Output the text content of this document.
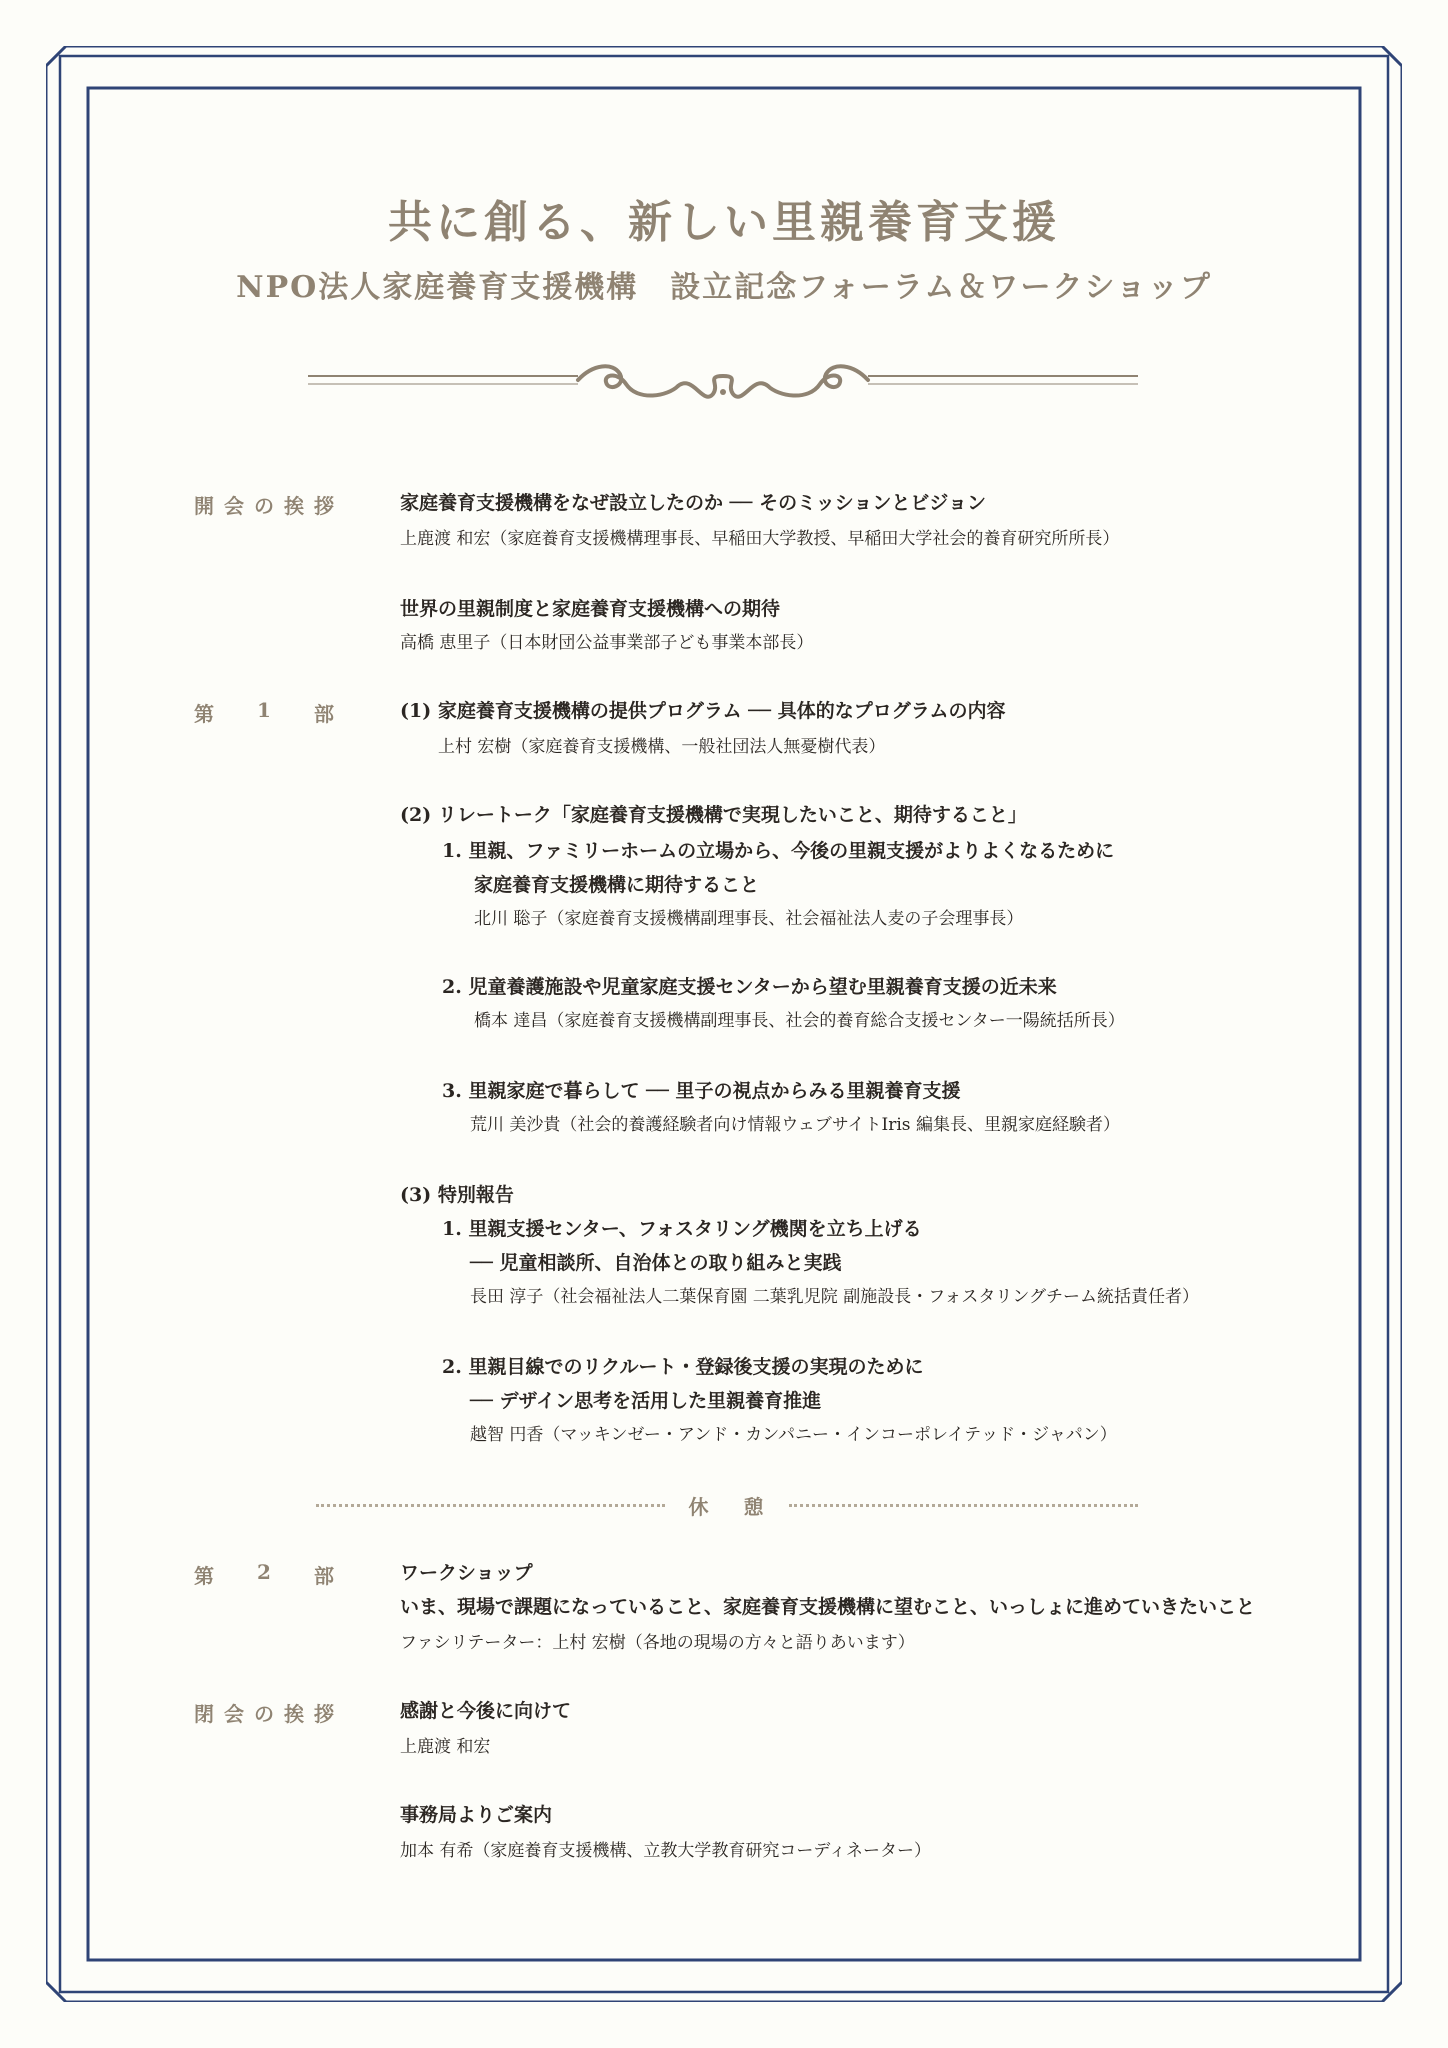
共に創る、新しい里親養育支援
NPO法人家庭養育支援機構　設立記念フォーラム＆ワークショップ
開 会 の 挨 拶	家庭養育支援機構をなぜ設立したのか ── そのミッションとビジョン
上鹿渡 和宏（家庭養育支援機構理事長、早稲田大学教授、早稲田大学社会的養育研究所所長）
世界の里親制度と家庭養育支援機構への期待
高橋 恵里子（日本財団公益事業部子ども事業本部長）
第 1 部	(1) 家庭養育支援機構の提供プログラム ── 具体的なプログラムの内容
上村 宏樹（家庭養育支援機構、一般社団法人無憂樹代表）
(2) リレートーク「家庭養育支援機構で実現したいこと、期待すること」
1. 里親、ファミリーホームの立場から、今後の里親支援がよりよくなるために
家庭養育支援機構に期待すること
北川 聡子（家庭養育支援機構副理事長、社会福祉法人麦の子会理事長）
2. 児童養護施設や児童家庭支援センターから望む里親養育支援の近未来
橋本 達昌（家庭養育支援機構副理事長、社会的養育総合支援センター一陽統括所長）
3. 里親家庭で暮らして ── 里子の視点からみる里親養育支援
荒川 美沙貴（社会的養護経験者向け情報ウェブサイトIris 編集長、里親家庭経験者）
(3) 特別報告
1. 里親支援センター、フォスタリング機関を立ち上げる
── 児童相談所、自治体との取り組みと実践
長田 淳子（社会福祉法人二葉保育園 二葉乳児院 副施設長・フォスタリングチーム統括責任者）
2. 里親目線でのリクルート・登録後支援の実現のために
── デザイン思考を活用した里親養育推進
越智 円香（マッキンゼー・アンド・カンパニー・インコーポレイテッド・ジャパン）
休 憩
第 2 部	ワークショップ
いま、現場で課題になっていること、家庭養育支援機構に望むこと、いっしょに進めていきたいこと
ファシリテーター：上村 宏樹（各地の現場の方々と語りあいます）
閉 会 の 挨 拶	感謝と今後に向けて
上鹿渡 和宏
事務局よりご案内
加本 有希（家庭養育支援機構、立教大学教育研究コーディネーター）
